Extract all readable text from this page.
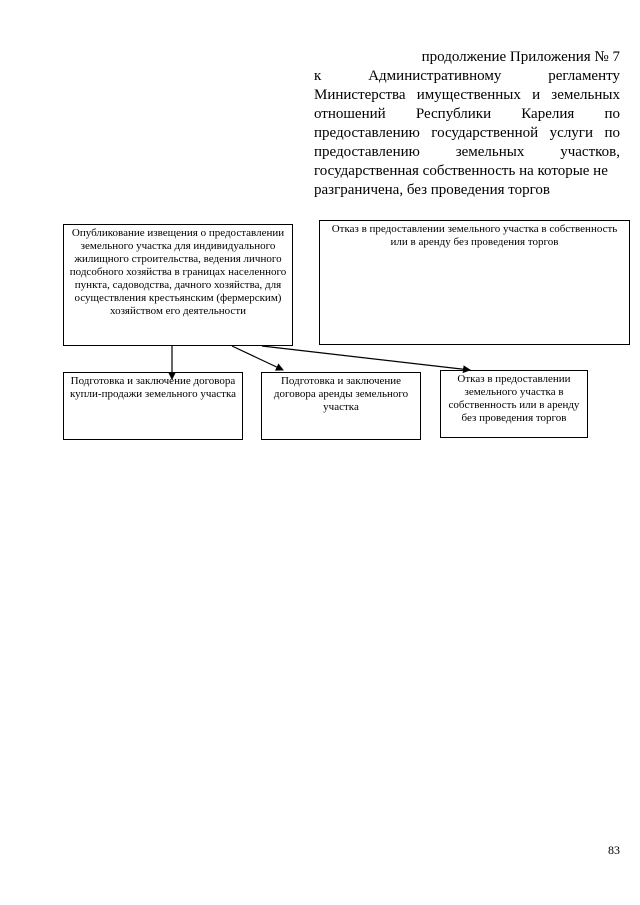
продолжение Приложения № 7
к	Административному	регламенту
Министерства имущественных и земельных
отношений Республики Карелия по
предоставлению государственной услуги по
предоставлению земельных участков,
государственная собственность на которые не
разграничена, без проведения торгов
Опубликование извещения о предоставлении земельного участка для индивидуального жилищного строительства, ведения личного подсобного хозяйства в границах населенного пункта, садоводства, дачного хозяйства, для осуществления крестьянским (фермерским) хозяйством его деятельности
Отказ в предоставлении земельного участка в собственность или в аренду без проведения торгов
Подготовка и заключение договора купли-продажи земельного участка
Подготовка и заключение договора аренды земельного участка
Отказ в предоставлении земельного участка в собственность или в аренду без проведения торгов
83
